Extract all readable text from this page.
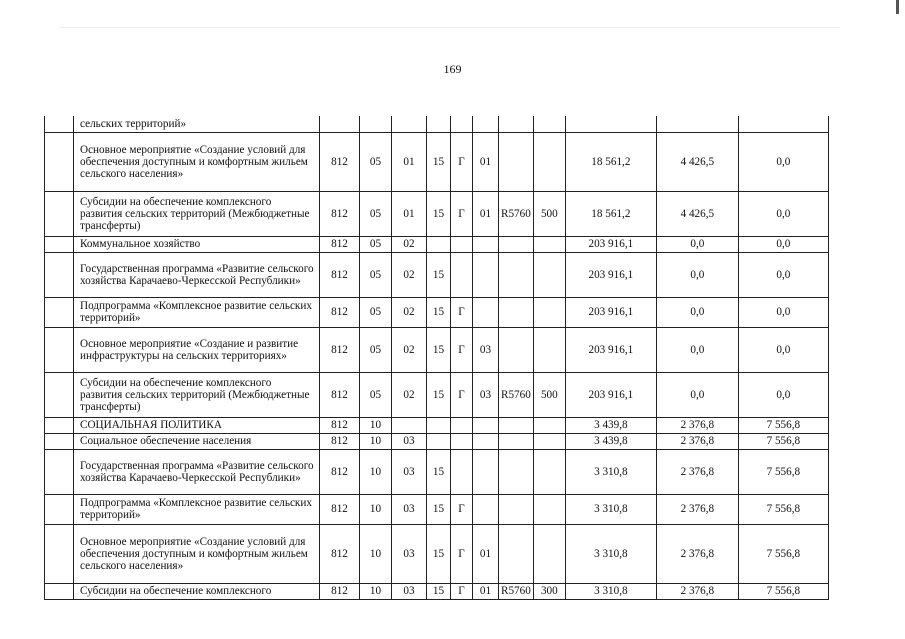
169
	сельских территорий»											
	Основное мероприятие «Создание условий для обеспечения доступным и комфортным жильем сельского населения»	812	05	01	15	Г	01			18 561,2	4 426,5	0,0
	Субсидии на обеспечение комплексного развития сельских территорий (Межбюджетные трансферты)	812	05	01	15	Г	01	R5760	500	18 561,2	4 426,5	0,0
	Коммунальное хозяйство	812	05	02						203 916,1	0,0	0,0
	Государственная программа «Развитие сельского хозяйства Карачаево-Черкесской Республики»	812	05	02	15					203 916,1	0,0	0,0
	Подпрограмма «Комплексное развитие сельских территорий»	812	05	02	15	Г				203 916,1	0,0	0,0
	Основное мероприятие «Создание и развитие инфраструктуры на сельских территориях»	812	05	02	15	Г	03			203 916,1	0,0	0,0
	Субсидии на обеспечение комплексного развития сельских территорий (Межбюджетные трансферты)	812	05	02	15	Г	03	R5760	500	203 916,1	0,0	0,0
	СОЦИАЛЬНАЯ ПОЛИТИКА	812	10							3 439,8	2 376,8	7 556,8
	Социальное обеспечение населения	812	10	03						3 439,8	2 376,8	7 556,8
	Государственная программа «Развитие сельского хозяйства Карачаево-Черкесской Республики»	812	10	03	15					3 310,8	2 376,8	7 556,8
	Подпрограмма «Комплексное развитие сельских территорий»	812	10	03	15	Г				3 310,8	2 376,8	7 556,8
	Основное мероприятие «Создание условий для обеспечения доступным и комфортным жильем сельского населения»	812	10	03	15	Г	01			3 310,8	2 376,8	7 556,8
	Субсидии на обеспечение комплексного	812	10	03	15	Г	01	R5760	300	3 310,8	2 376,8	7 556,8
